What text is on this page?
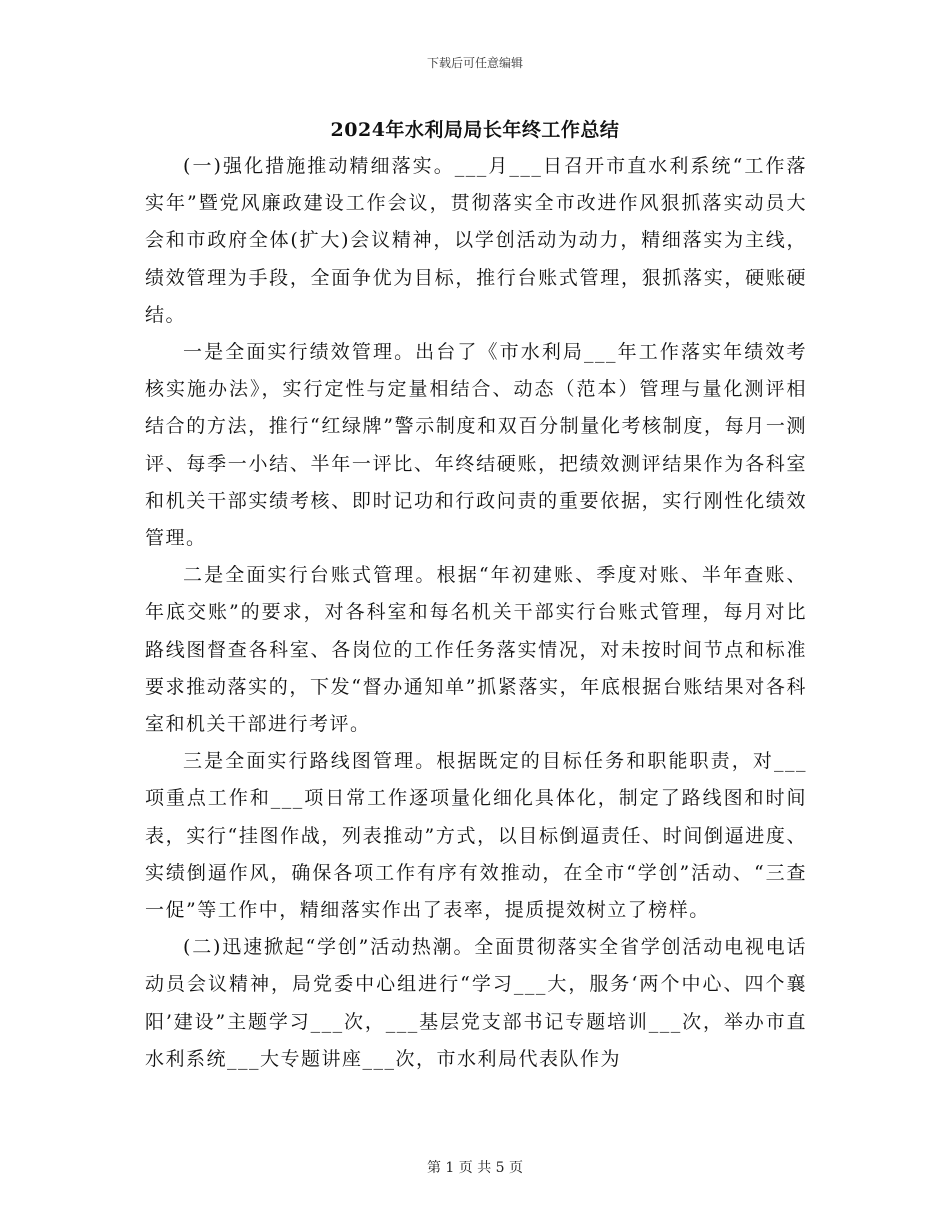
下载后可任意编辑

2024年水利局局长年终工作总结

(一)强化措施推动精细落实。___月___日召开市直水利系统“工作落实年”暨党风廉政建设工作会议，贯彻落实全市改进作风狠抓落实动员大会和市政府全体(扩大)会议精神，以学创活动为动力，精细落实为主线，绩效管理为手段，全面争优为目标，推行台账式管理，狠抓落实，硬账硬结。

一是全面实行绩效管理。出台了《市水利局___年工作落实年绩效考核实施办法》，实行定性与定量相结合、动态（范本）管理与量化测评相结合的方法，推行“红绿牌”警示制度和双百分制量化考核制度，每月一测评、每季一小结、半年一评比、年终结硬账，把绩效测评结果作为各科室和机关干部实绩考核、即时记功和行政问责的重要依据，实行刚性化绩效管理。

二是全面实行台账式管理。根据“年初建账、季度对账、半年查账、年底交账”的要求，对各科室和每名机关干部实行台账式管理，每月对比路线图督查各科室、各岗位的工作任务落实情况，对未按时间节点和标准要求推动落实的，下发“督办通知单”抓紧落实，年底根据台账结果对各科室和机关干部进行考评。

三是全面实行路线图管理。根据既定的目标任务和职能职责，对___项重点工作和___项日常工作逐项量化细化具体化，制定了路线图和时间表，实行“挂图作战，列表推动”方式，以目标倒逼责任、时间倒逼进度、实绩倒逼作风，确保各项工作有序有效推动，在全市“学创”活动、“三查一促”等工作中，精细落实作出了表率，提质提效树立了榜样。

(二)迅速掀起“学创”活动热潮。全面贯彻落实全省学创活动电视电话动员会议精神，局党委中心组进行“学习___大，服务‘两个中心、四个襄阳’建设”主题学习___次，___基层党支部书记专题培训___次，举办市直水利系统___大专题讲座___次，市水利局代表队作为

第 1 页 共 5 页
